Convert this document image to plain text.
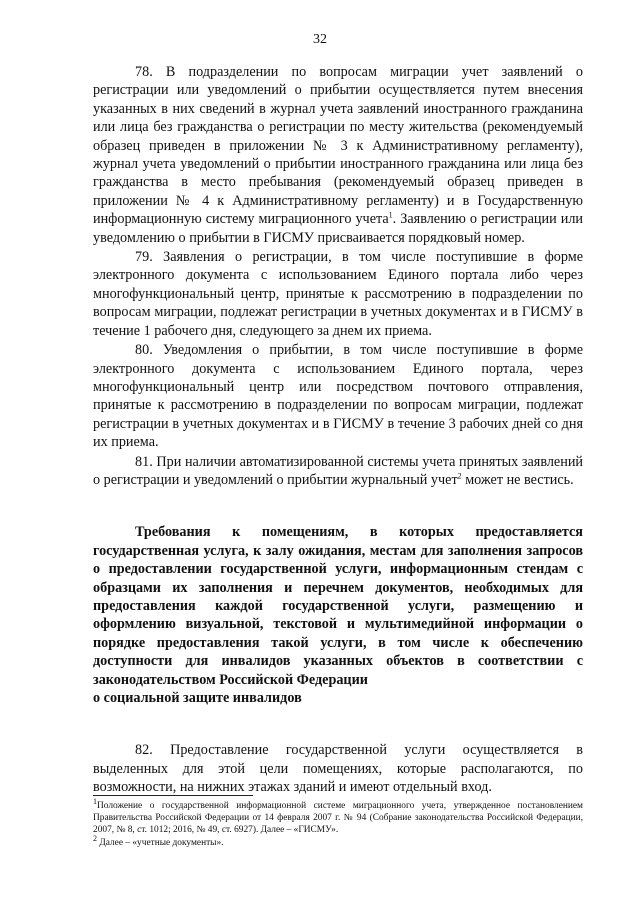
32

78. В подразделении по вопросам миграции учет заявлений о регистрации или уведомлений о прибытии осуществляется путем внесения указанных в них сведений в журнал учета заявлений иностранного гражданина или лица без гражданства о регистрации по месту жительства (рекомендуемый образец приведен в приложении № 3 к Административному регламенту), журнал учета уведомлений о прибытии иностранного гражданина или лица без гражданства в место пребывания (рекомендуемый образец приведен в приложении № 4 к Административному регламенту) и в Государственную информационную систему миграционного учета$^1$. Заявлению о регистрации или уведомлению о прибытии в ГИСМУ присваивается порядковый номер.

79. Заявления о регистрации, в том числе поступившие в форме электронного документа с использованием Единого портала либо через многофункциональный центр, принятые к рассмотрению в подразделении по вопросам миграции, подлежат регистрации в учетных документах и в ГИСМУ в течение 1 рабочего дня, следующего за днем их приема.

80. Уведомления о прибытии, в том числе поступившие в форме электронного документа с использованием Единого портала, через многофункциональный центр или посредством почтового отправления, принятые к рассмотрению в подразделении по вопросам миграции, подлежат регистрации в учетных документах и в ГИСМУ в течение 3 рабочих дней со дня их приема.

81. При наличии автоматизированной системы учета принятых заявлений о регистрации и уведомлений о прибытии журнальный учет$^2$ может не вестись.

Требования к помещениям, в которых предоставляется государственная услуга, к залу ожидания, местам для заполнения запросов о предоставлении государственной услуги, информационным стендам с образцами их заполнения и перечнем документов, необходимых для предоставления каждой государственной услуги, размещению и оформлению визуальной, текстовой и мультимедийной информации о порядке предоставления такой услуги, в том числе к обеспечению доступности для инвалидов указанных объектов в соответствии с законодательством Российской Федерации
о социальной защите инвалидов

82. Предоставление государственной услуги осуществляется в выделенных для этой цели помещениях, которые располагаются, по возможности, на нижних этажах зданий и имеют отдельный вход.

$^1$Положение о государственной информационной системе миграционного учета, утвержденное постановлением Правительства Российской Федерации от 14 февраля 2007 г. № 94 (Собрание законодательства Российской Федерации, 2007, № 8, ст. 1012; 2016, № 49, ст. 6927). Далее – «ГИСМУ».

$^2$ Далее – «учетные документы».
